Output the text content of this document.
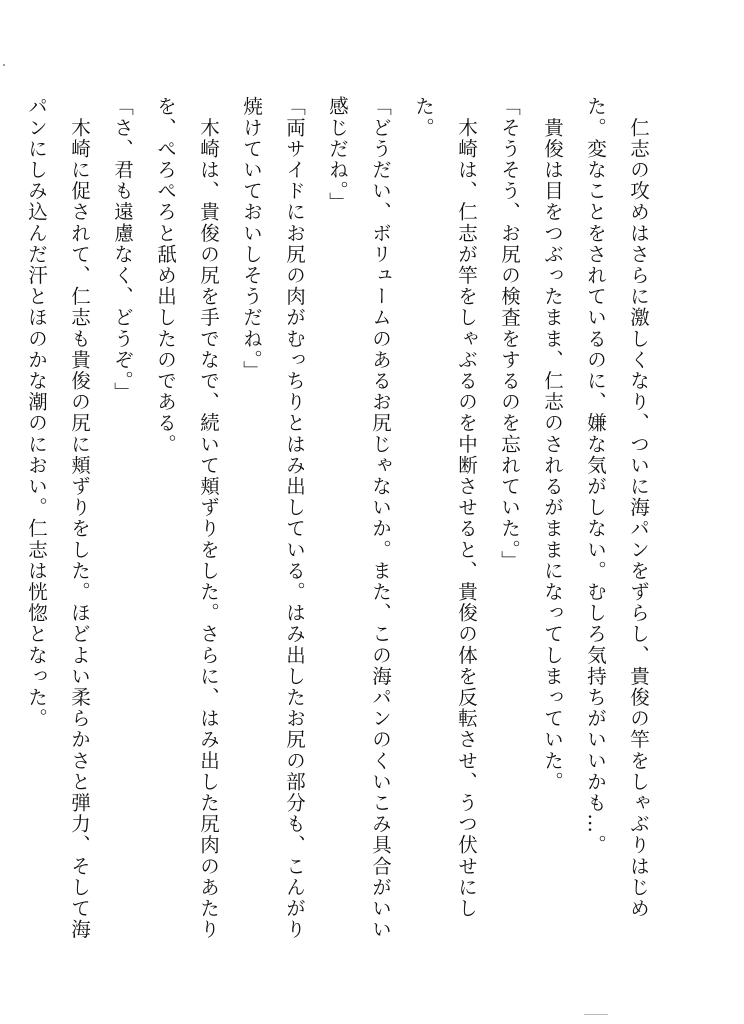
　仁志の攻めはさらに激しくなり、ついに海パンをずらし、貴俊の竿をしゃぶりはじめた。変なことをされているのに、嫌な気がしない。むしろ気持ちがいいかも…。

　貴俊は目をつぶったまま、仁志のされるがままになってしまっていた。

「そうそう、お尻の検査をするのを忘れていた。」

　木崎は、仁志が竿をしゃぶるのを中断させると、貴俊の体を反転させ、うつ伏せにした。

「どうだい、ボリュームのあるお尻じゃないか。また、この海パンのくいこみ具合がいい感じだね。」

「両サイドにお尻の肉がむっちりとはみ出している。はみ出したお尻の部分も、こんがり焼けていておいしそうだね。」

　木崎は、貴俊の尻を手でなで、続いて頬ずりをした。さらに、はみ出した尻肉のあたりを、ぺろぺろと舐め出したのである。

「さ、君も遠慮なく、どうぞ。」

　木崎に促されて、仁志も貴俊の尻に頬ずりをした。ほどよい柔らかさと弾力、そして海パンにしみ込んだ汗とほのかな潮のにおい。仁志は恍惚となった。
